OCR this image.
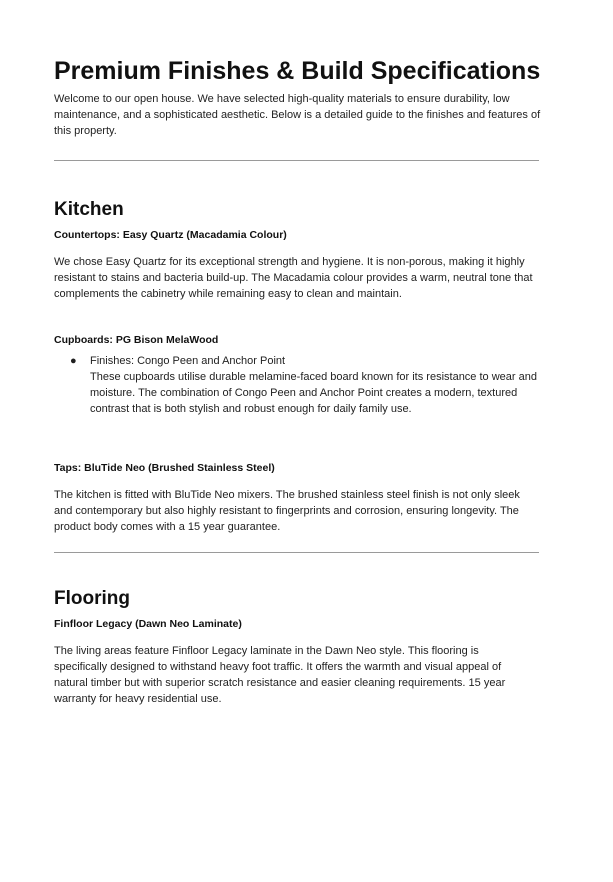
Premium Finishes & Build Specifications

Welcome to our open house. We have selected high-quality materials to ensure durability, low maintenance, and a sophisticated aesthetic. Below is a detailed guide to the finishes and features of this property.

Kitchen
Countertops: Easy Quartz (Macadamia Colour)

We chose Easy Quartz for its exceptional strength and hygiene. It is non-porous, making it highly resistant to stains and bacteria build-up. The Macadamia colour provides a warm, neutral tone that complements the cabinetry while remaining easy to clean and maintain.

Cupboards: PG Bison MelaWood
●	Finishes: Congo Peen and Anchor Point

These cupboards utilise durable melamine-faced board known for its resistance to wear and moisture. The combination of Congo Peen and Anchor Point creates a modern, textured contrast that is both stylish and robust enough for daily family use.

Taps: BluTide Neo (Brushed Stainless Steel)

The kitchen is fitted with BluTide Neo mixers. The brushed stainless steel finish is not only sleek and contemporary but also highly resistant to fingerprints and corrosion, ensuring longevity. The product body comes with a 15 year guarantee.

Flooring
Finfloor Legacy (Dawn Neo Laminate)

The living areas feature Finfloor Legacy laminate in the Dawn Neo style. This flooring is specifically designed to withstand heavy foot traffic. It offers the warmth and visual appeal of natural timber but with superior scratch resistance and easier cleaning requirements. 15 year warranty for heavy residential use.
